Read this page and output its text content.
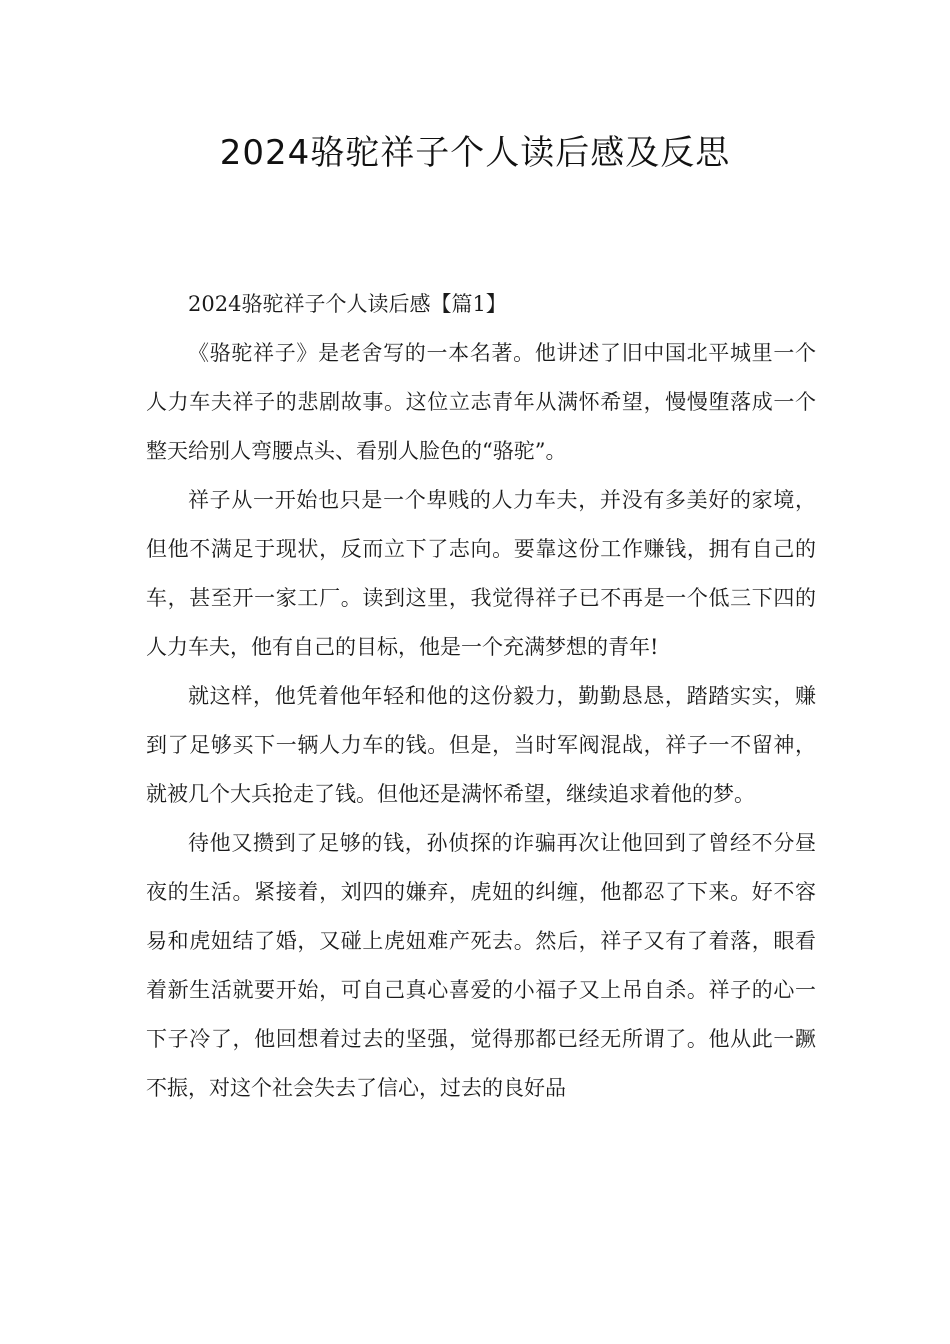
2024骆驼祥子个人读后感及反思

2024骆驼祥子个人读后感【篇1】

《骆驼祥子》是老舍写的一本名著。他讲述了旧中国北平城里一个人力车夫祥子的悲剧故事。这位立志青年从满怀希望，慢慢堕落成一个整天给别人弯腰点头、看别人脸色的“骆驼”。

祥子从一开始也只是一个卑贱的人力车夫，并没有多美好的家境，但他不满足于现状，反而立下了志向。要靠这份工作赚钱，拥有自己的车，甚至开一家工厂。读到这里，我觉得祥子已不再是一个低三下四的人力车夫，他有自己的目标，他是一个充满梦想的青年!

就这样，他凭着他年轻和他的这份毅力，勤勤恳恳，踏踏实实，赚到了足够买下一辆人力车的钱。但是，当时军阀混战，祥子一不留神，就被几个大兵抢走了钱。但他还是满怀希望，继续追求着他的梦。

待他又攒到了足够的钱，孙侦探的诈骗再次让他回到了曾经不分昼夜的生活。紧接着，刘四的嫌弃，虎妞的纠缠，他都忍了下来。好不容易和虎妞结了婚，又碰上虎妞难产死去。然后，祥子又有了着落，眼看着新生活就要开始，可自己真心喜爱的小福子又上吊自杀。祥子的心一下子冷了，他回想着过去的坚强，觉得那都已经无所谓了。他从此一蹶不振，对这个社会失去了信心，过去的良好品
